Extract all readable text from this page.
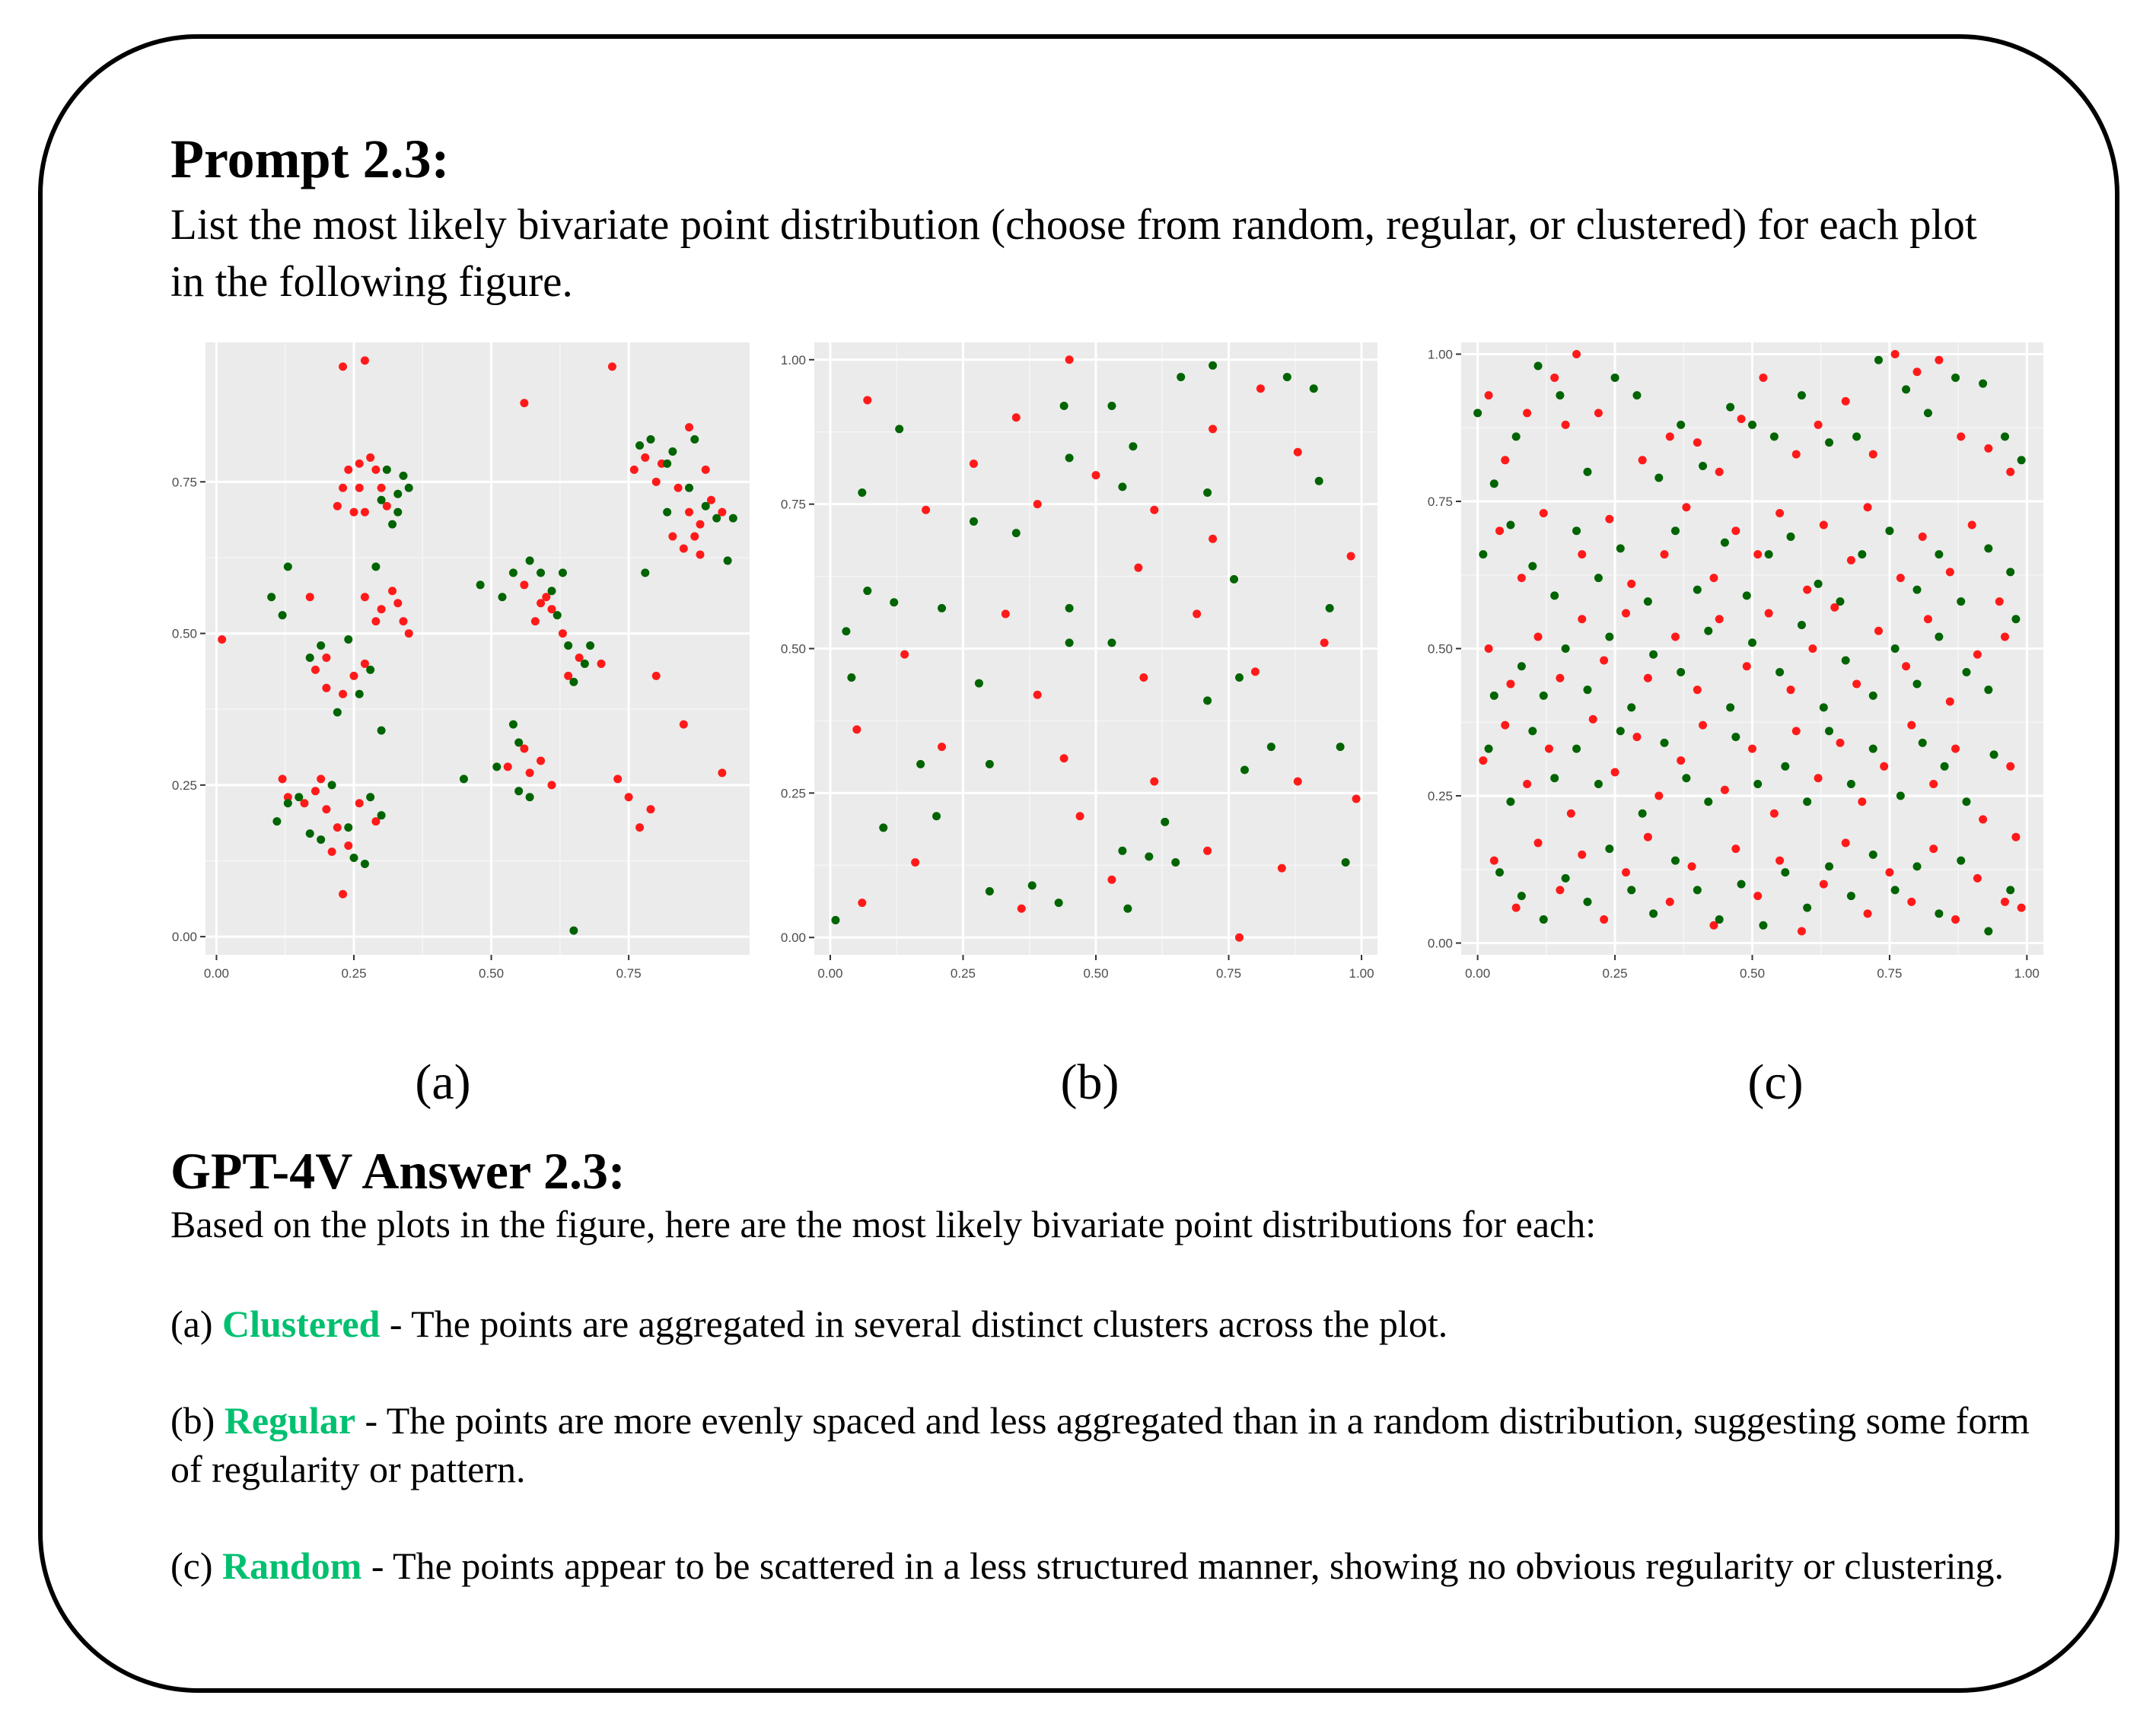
Prompt 2.3:
List the most likely bivariate point distribution (choose from random, regular, or clustered) for each plot in the following figure.
0.00	0.25	0.50	0.75
0.00
0.25
0.50
0.75
0.00	0.25	0.50	0.75	1.00
0.00
0.25
0.50
0.75
1.00
0.00	0.25	0.50	0.75	1.00
0.00
0.25
0.50
0.75
1.00
(a)	(b)	(c)
GPT-4V Answer 2.3:
Based on the plots in the figure, here are the most likely bivariate point distributions for each:
(a) Clustered - The points are aggregated in several distinct clusters across the plot.
(b) Regular - The points are more evenly spaced and less aggregated than in a random distribution, suggesting some form of regularity or pattern.
(c) Random - The points appear to be scattered in a less structured manner, showing no obvious regularity or clustering.
